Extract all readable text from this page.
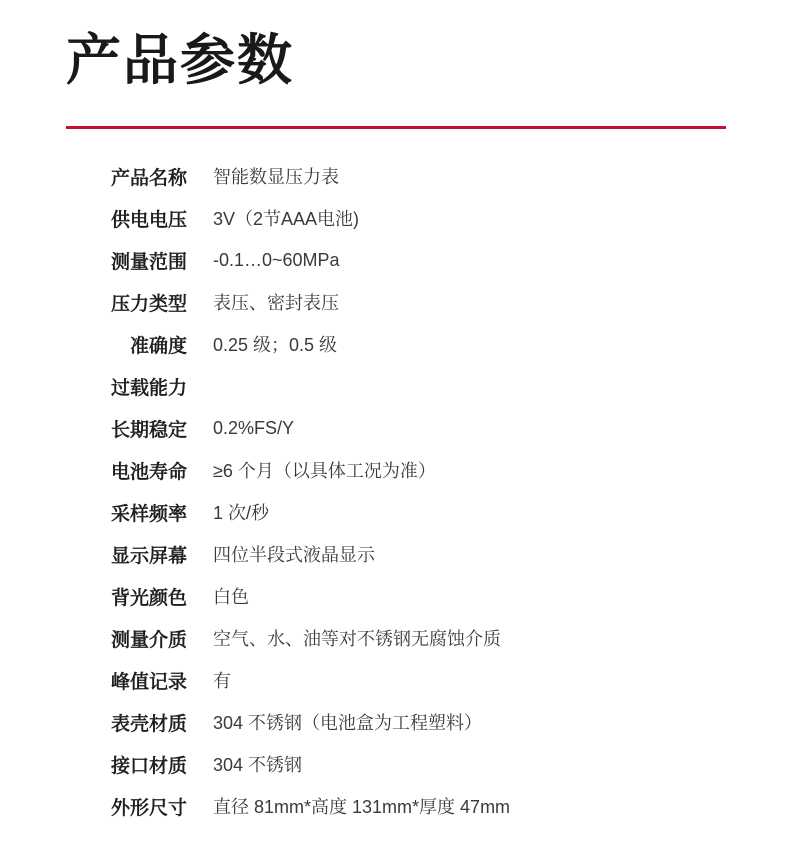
产品参数
产品名称	智能数显压力表
供电电压	3V（2节AAA电池)
测量范围	-0.1…0~60MPa
压力类型	表压、密封表压
准确度	0.25 级；0.5 级
过载能力	
长期稳定	0.2%FS/Y
电池寿命	≥6 个月（以具体工况为准）
采样频率	1 次/秒
显示屏幕	四位半段式液晶显示
背光颜色	白色
测量介质	空气、水、油等对不锈钢无腐蚀介质
峰值记录	有
表壳材质	304 不锈钢（电池盒为工程塑料）
接口材质	304 不锈钢
外形尺寸	直径 81mm*高度 131mm*厚度 47mm
